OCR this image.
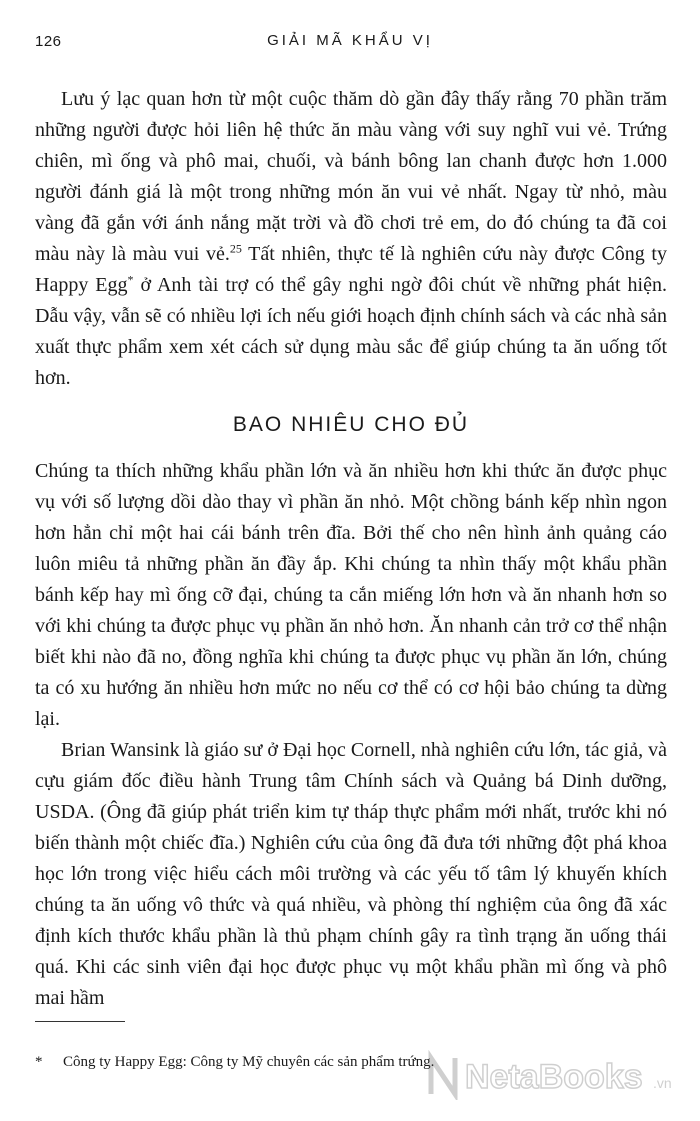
126	GIẢI MÃ KHẨU VỊ

Lưu ý lạc quan hơn từ một cuộc thăm dò gần đây thấy rằng 70 phần trăm những người được hỏi liên hệ thức ăn màu vàng với suy nghĩ vui vẻ. Trứng chiên, mì ống và phô mai, chuối, và bánh bông lan chanh được hơn 1.000 người đánh giá là một trong những món ăn vui vẻ nhất. Ngay từ nhỏ, màu vàng đã gắn với ánh nắng mặt trời và đồ chơi trẻ em, do đó chúng ta đã coi màu này là màu vui vẻ.$^{25}$ Tất nhiên, thực tế là nghiên cứu này được Công ty Happy Egg* ở Anh tài trợ có thể gây nghi ngờ đôi chút về những phát hiện. Dẫu vậy, vẫn sẽ có nhiều lợi ích nếu giới hoạch định chính sách và các nhà sản xuất thực phẩm xem xét cách sử dụng màu sắc để giúp chúng ta ăn uống tốt hơn.

BAO NHIÊU CHO ĐỦ

Chúng ta thích những khẩu phần lớn và ăn nhiều hơn khi thức ăn được phục vụ với số lượng dồi dào thay vì phần ăn nhỏ. Một chồng bánh kếp nhìn ngon hơn hẳn chỉ một hai cái bánh trên đĩa. Bởi thế cho nên hình ảnh quảng cáo luôn miêu tả những phần ăn đầy ắp. Khi chúng ta nhìn thấy một khẩu phần bánh kếp hay mì ống cỡ đại, chúng ta cắn miếng lớn hơn và ăn nhanh hơn so với khi chúng ta được phục vụ phần ăn nhỏ hơn. Ăn nhanh cản trở cơ thể nhận biết khi nào đã no, đồng nghĩa khi chúng ta được phục vụ phần ăn lớn, chúng ta có xu hướng ăn nhiều hơn mức no nếu cơ thể có cơ hội bảo chúng ta dừng lại.

Brian Wansink là giáo sư ở Đại học Cornell, nhà nghiên cứu lớn, tác giả, và cựu giám đốc điều hành Trung tâm Chính sách và Quảng bá Dinh dưỡng, USDA. (Ông đã giúp phát triển kim tự tháp thực phẩm mới nhất, trước khi nó biến thành một chiếc đĩa.) Nghiên cứu của ông đã đưa tới những đột phá khoa học lớn trong việc hiểu cách môi trường và các yếu tố tâm lý khuyến khích chúng ta ăn uống vô thức và quá nhiều, và phòng thí nghiệm của ông đã xác định kích thước khẩu phần là thủ phạm chính gây ra tình trạng ăn uống thái quá. Khi các sinh viên đại học được phục vụ một khẩu phần mì ống và phô mai hầm

* Công ty Happy Egg: Công ty Mỹ chuyên các sản phẩm trứng. NetaBooks .vn
